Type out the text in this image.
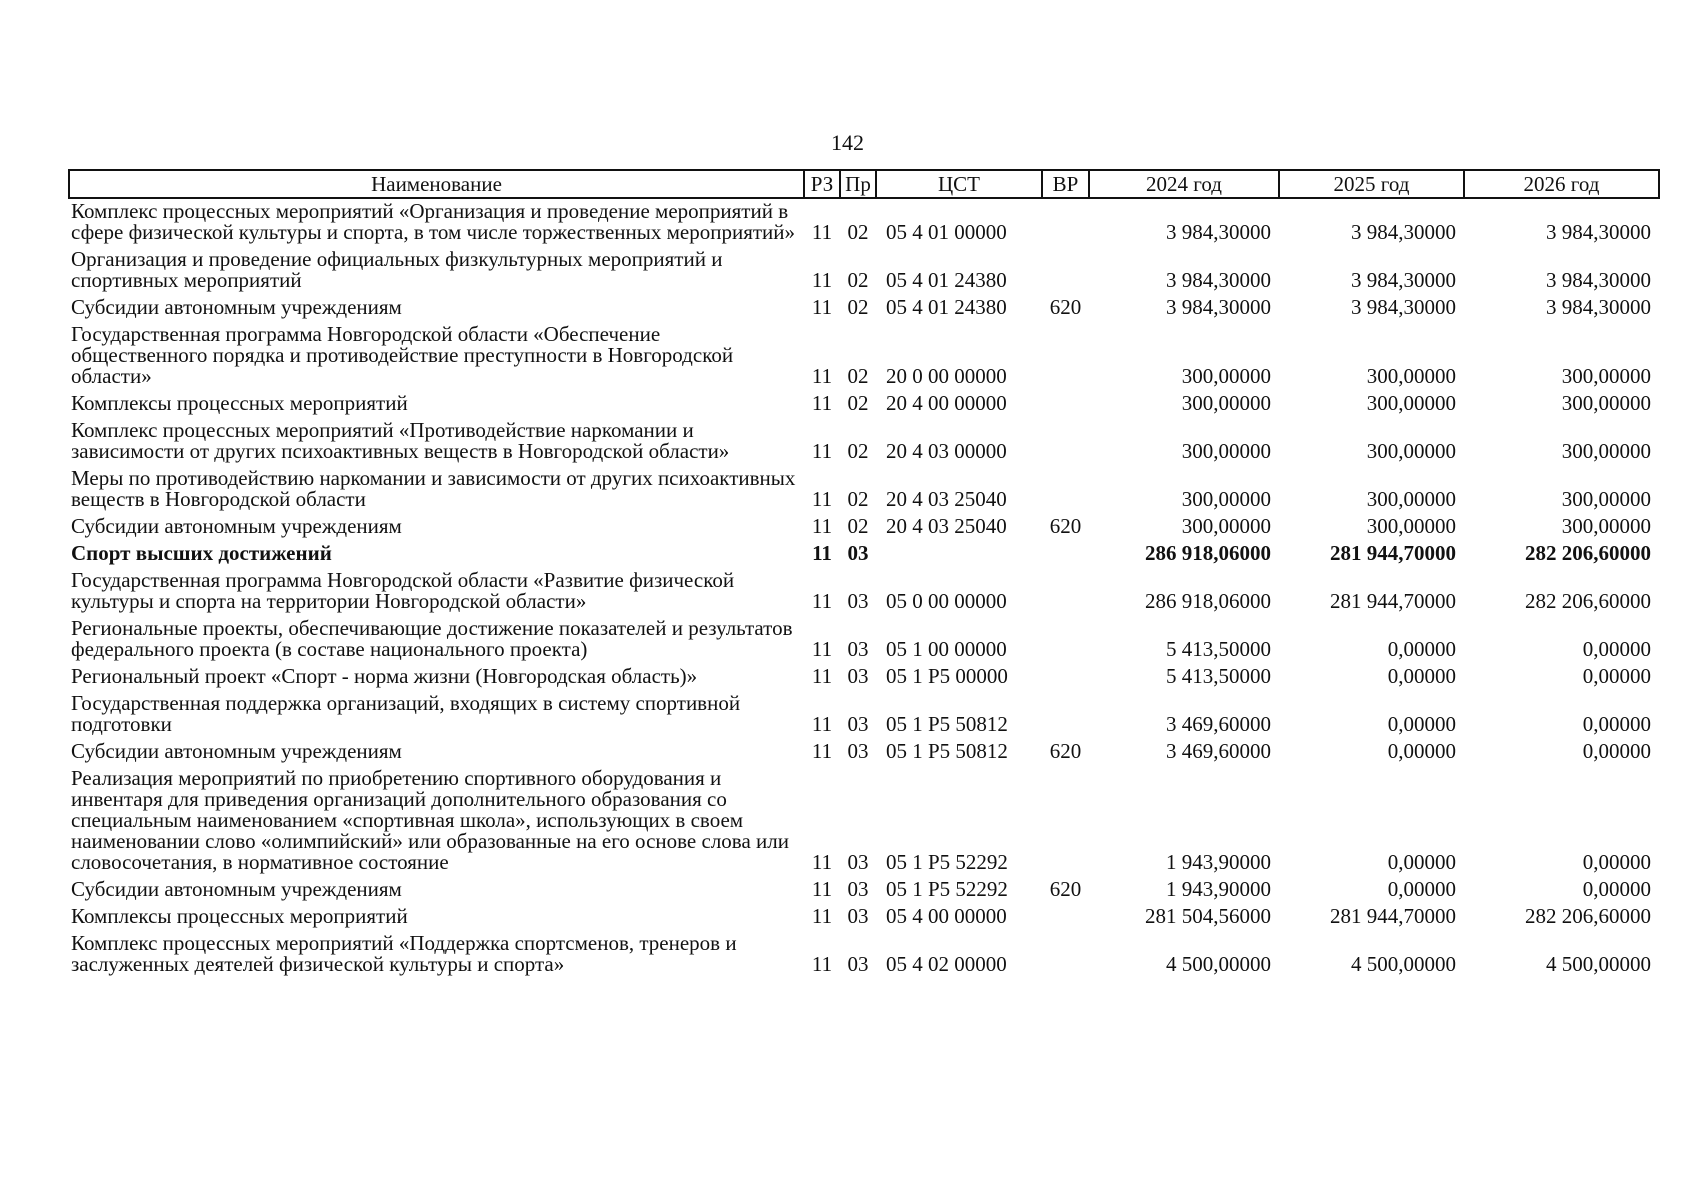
142
Наименование	РЗ	Пр	ЦСТ	ВР	2024 год	2025 год	2026 год
Комплекс процессных мероприятий «Организация и проведение мероприятий в сфере физической культуры и спорта, в том числе торжественных мероприятий»	11	02	05 4 01 00000		3 984,30000	3 984,30000	3 984,30000
Организация и проведение официальных физкультурных мероприятий и спортивных мероприятий	11	02	05 4 01 24380		3 984,30000	3 984,30000	3 984,30000
Субсидии автономным учреждениям	11	02	05 4 01 24380	620	3 984,30000	3 984,30000	3 984,30000
Государственная программа Новгородской области «Обеспечение общественного порядка и противодействие преступности в Новгородской области»	11	02	20 0 00 00000		300,00000	300,00000	300,00000
Комплексы процессных мероприятий	11	02	20 4 00 00000		300,00000	300,00000	300,00000
Комплекс процессных мероприятий «Противодействие наркомании и зависимости от других психоактивных веществ в Новгородской области»	11	02	20 4 03 00000		300,00000	300,00000	300,00000
Меры по противодействию наркомании и зависимости от других психоактивных веществ в Новгородской области	11	02	20 4 03 25040		300,00000	300,00000	300,00000
Субсидии автономным учреждениям	11	02	20 4 03 25040	620	300,00000	300,00000	300,00000
Спорт высших достижений	11	03			286 918,06000	281 944,70000	282 206,60000
Государственная программа Новгородской области «Развитие физической культуры и спорта на территории Новгородской области»	11	03	05 0 00 00000		286 918,06000	281 944,70000	282 206,60000
Региональные проекты, обеспечивающие достижение показателей и результатов федерального проекта (в составе национального проекта)	11	03	05 1 00 00000		5 413,50000	0,00000	0,00000
Региональный проект «Спорт - норма жизни (Новгородская область)»	11	03	05 1 P5 00000		5 413,50000	0,00000	0,00000
Государственная поддержка организаций, входящих в систему спортивной подготовки	11	03	05 1 P5 50812		3 469,60000	0,00000	0,00000
Субсидии автономным учреждениям	11	03	05 1 P5 50812	620	3 469,60000	0,00000	0,00000
Реализация мероприятий по приобретению спортивного оборудования и инвентаря для приведения организаций дополнительного образования со специальным наименованием «спортивная школа», использующих в своем наименовании слово «олимпийский» или образованные на его основе слова или словосочетания, в нормативное состояние	11	03	05 1 P5 52292		1 943,90000	0,00000	0,00000
Субсидии автономным учреждениям	11	03	05 1 P5 52292	620	1 943,90000	0,00000	0,00000
Комплексы процессных мероприятий	11	03	05 4 00 00000		281 504,56000	281 944,70000	282 206,60000
Комплекс процессных мероприятий «Поддержка спортсменов, тренеров и заслуженных деятелей физической культуры и спорта»	11	03	05 4 02 00000		4 500,00000	4 500,00000	4 500,00000
